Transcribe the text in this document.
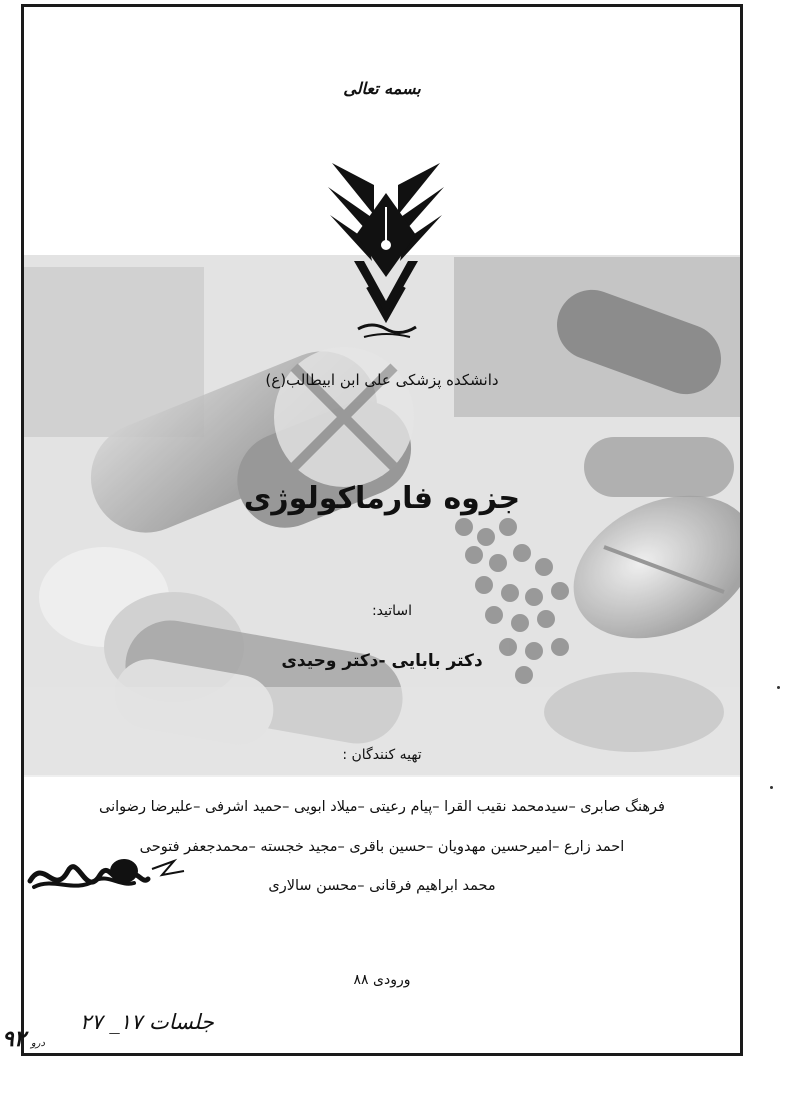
بسمه تعالی
دانشکده پزشکی علی ابن ابیطالب(ع)
جزوه فارماکولوژی
اساتید:
دکتر بابایی -دکتر وحیدی
تهیه کنندگان :
فرهنگ صابری –سیدمحمد نقیب القرا –پیام رعیتی –میلاد ابویی –حمید اشرفی –علیرضا رضوانی
احمد زارع –امیرحسین مهدویان –حسین باقری –مجید خجسته –محمدجعفر فتوحی
محمد ابراهیم فرقانی –محسن سالاری
ورودی ۸۸
جلسات ۱۷_ ۲۷
درو ۹۲
